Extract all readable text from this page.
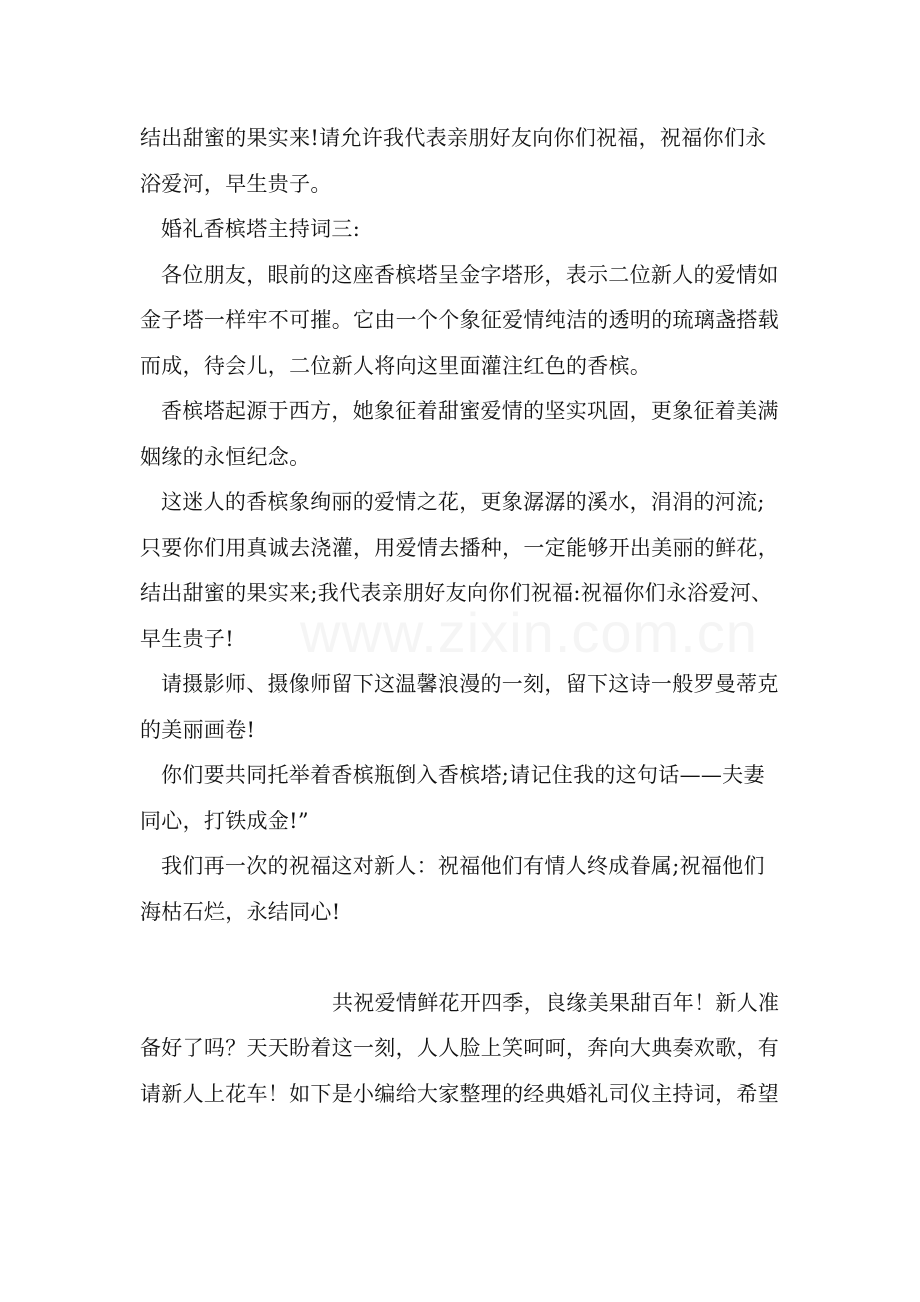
结出甜蜜的果实来!请允许我代表亲朋好友向你们祝福，祝福你们永
浴爱河，早生贵子。
婚礼香槟塔主持词三:
各位朋友，眼前的这座香槟塔呈金字塔形，表示二位新人的爱情如
金子塔一样牢不可摧。它由一个个象征爱情纯洁的透明的琉璃盏搭载
而成，待会儿，二位新人将向这里面灌注红色的香槟。
香槟塔起源于西方，她象征着甜蜜爱情的坚实巩固，更象征着美满
姻缘的永恒纪念。
这迷人的香槟象绚丽的爱情之花，更象潺潺的溪水，涓涓的河流;
只要你们用真诚去浇灌，用爱情去播种，一定能够开出美丽的鲜花，
结出甜蜜的果实来;我代表亲朋好友向你们祝福:祝福你们永浴爱河、
早生贵子!
请摄影师、摄像师留下这温馨浪漫的一刻，留下这诗一般罗曼蒂克
的美丽画卷!
你们要共同托举着香槟瓶倒入香槟塔;请记住我的这句话——夫妻
同心，打铁成金!”
我们再一次的祝福这对新人：祝福他们有情人终成眷属;祝福他们
海枯石烂，永结同心!
共祝爱情鲜花开四季，良缘美果甜百年！新人准
备好了吗？天天盼着这一刻，人人脸上笑呵呵，奔向大典奏欢歌，有
请新人上花车！如下是小编给大家整理的经典婚礼司仪主持词，希望
www.zixin.com.cn
